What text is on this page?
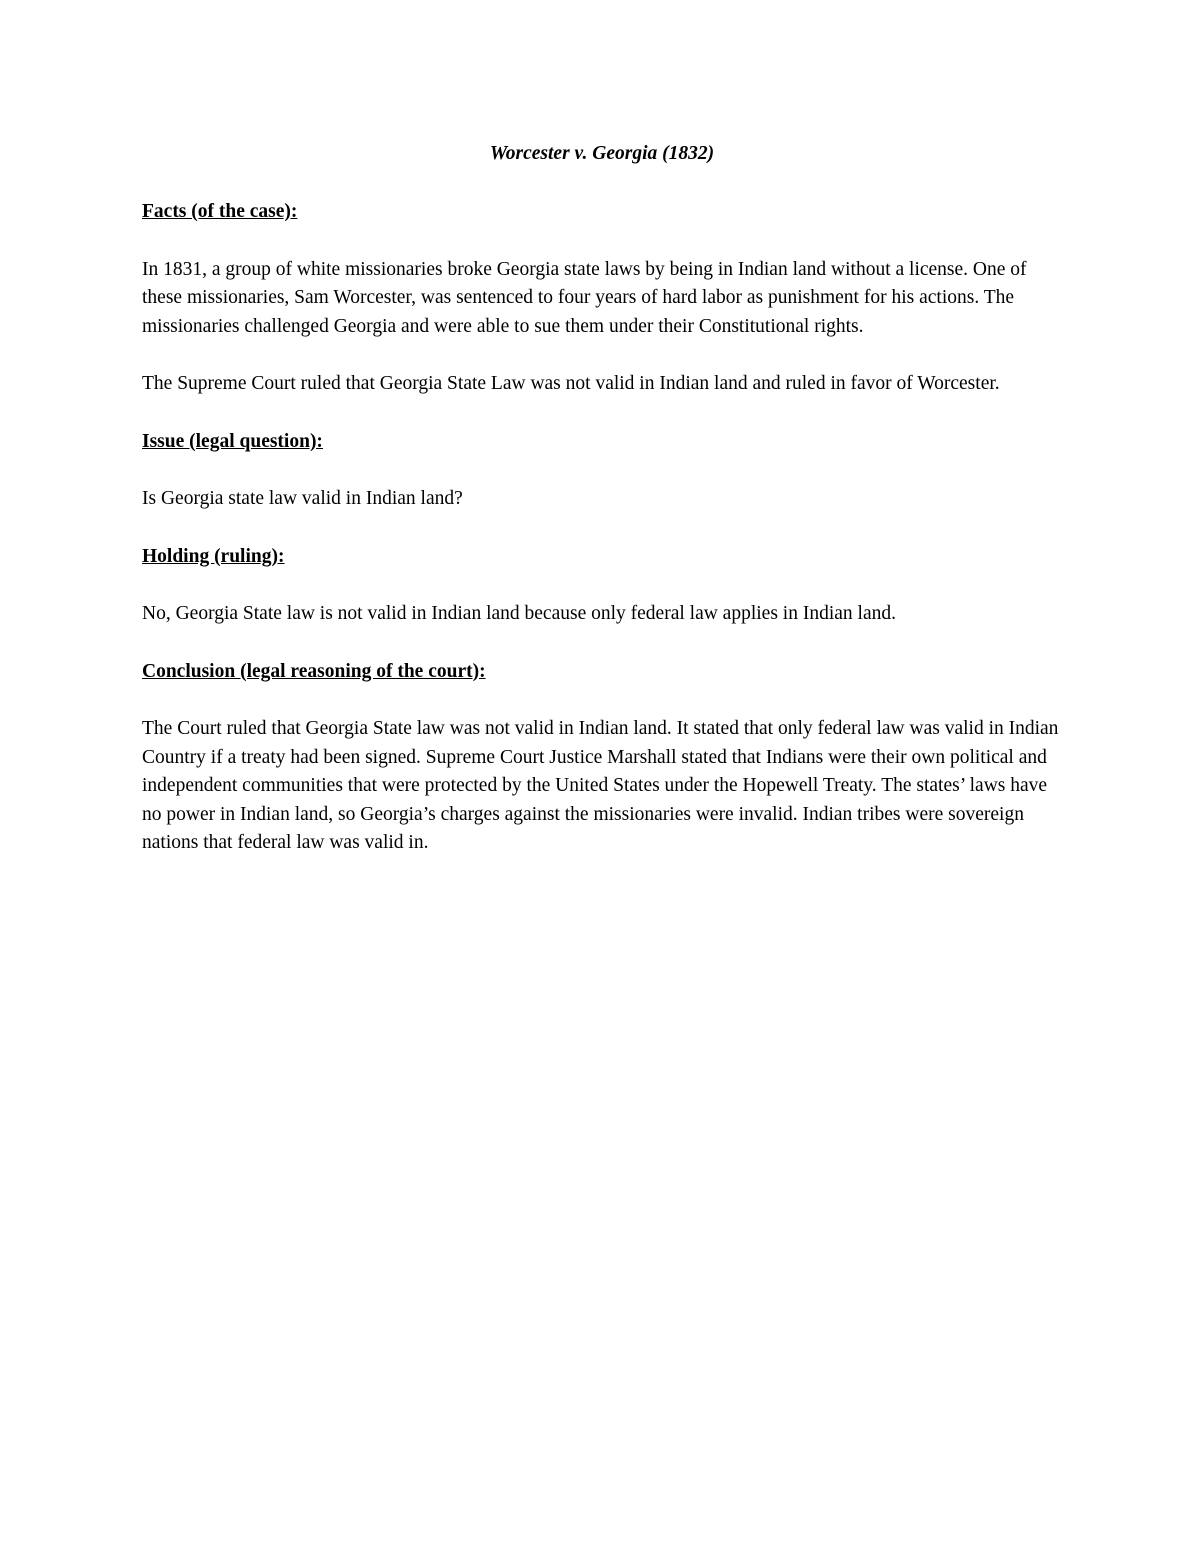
Worcester v. Georgia (1832)
Facts (of the case):
In 1831, a group of white missionaries broke Georgia state laws by being in Indian land without a license. One of these missionaries, Sam Worcester, was sentenced to four years of hard labor as punishment for his actions. The missionaries challenged Georgia and were able to sue them under their Constitutional rights.
The Supreme Court ruled that Georgia State Law was not valid in Indian land and ruled in favor of Worcester.
Issue (legal question):
Is Georgia state law valid in Indian land?
Holding (ruling):
No, Georgia State law is not valid in Indian land because only federal law applies in Indian land.
Conclusion (legal reasoning of the court):
The Court ruled that Georgia State law was not valid in Indian land. It stated that only federal law was valid in Indian Country if a treaty had been signed. Supreme Court Justice Marshall stated that Indians were their own political and independent communities that were protected by the United States under the Hopewell Treaty. The states’ laws have no power in Indian land, so Georgia’s charges against the missionaries were invalid. Indian tribes were sovereign nations that federal law was valid in.
